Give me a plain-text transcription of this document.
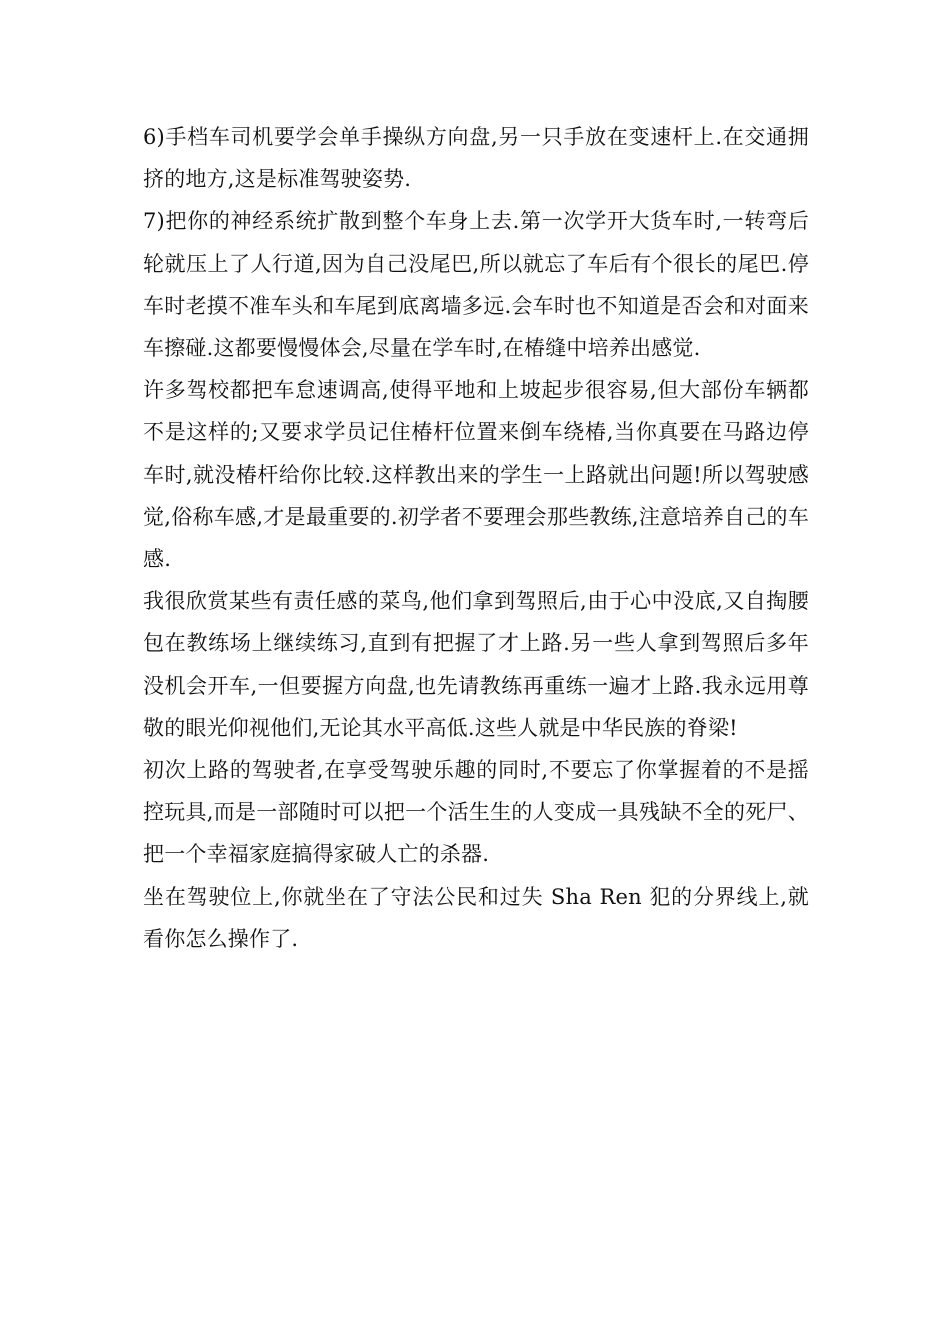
6)手档车司机要学会单手操纵方向盘,另一只手放在变速杆上.在交通拥挤的地方,这是标准驾驶姿势.

7)把你的神经系统扩散到整个车身上去.第一次学开大货车时,一转弯后轮就压上了人行道,因为自己没尾巴,所以就忘了车后有个很长的尾巴.停车时老摸不准车头和车尾到底离墙多远.会车时也不知道是否会和对面来车擦碰.这都要慢慢体会,尽量在学车时,在椿缝中培养出感觉.

许多驾校都把车怠速调高,使得平地和上坡起步很容易,但大部份车辆都不是这样的;又要求学员记住椿杆位置来倒车绕椿,当你真要在马路边停车时,就没椿杆给你比较.这样教出来的学生一上路就出问题!所以驾驶感觉,俗称车感,才是最重要的.初学者不要理会那些教练,注意培养自己的车感.

我很欣赏某些有责任感的菜鸟,他们拿到驾照后,由于心中没底,又自掏腰包在教练场上继续练习,直到有把握了才上路.另一些人拿到驾照后多年没机会开车,一但要握方向盘,也先请教练再重练一遍才上路.我永远用尊敬的眼光仰视他们,无论其水平高低.这些人就是中华民族的脊梁!

初次上路的驾驶者,在享受驾驶乐趣的同时,不要忘了你掌握着的不是摇控玩具,而是一部随时可以把一个活生生的人变成一具残缺不全的死尸、把一个幸福家庭搞得家破人亡的杀器.

坐在驾驶位上,你就坐在了守法公民和过失 Sha Ren 犯的分界线上,就看你怎么操作了.
